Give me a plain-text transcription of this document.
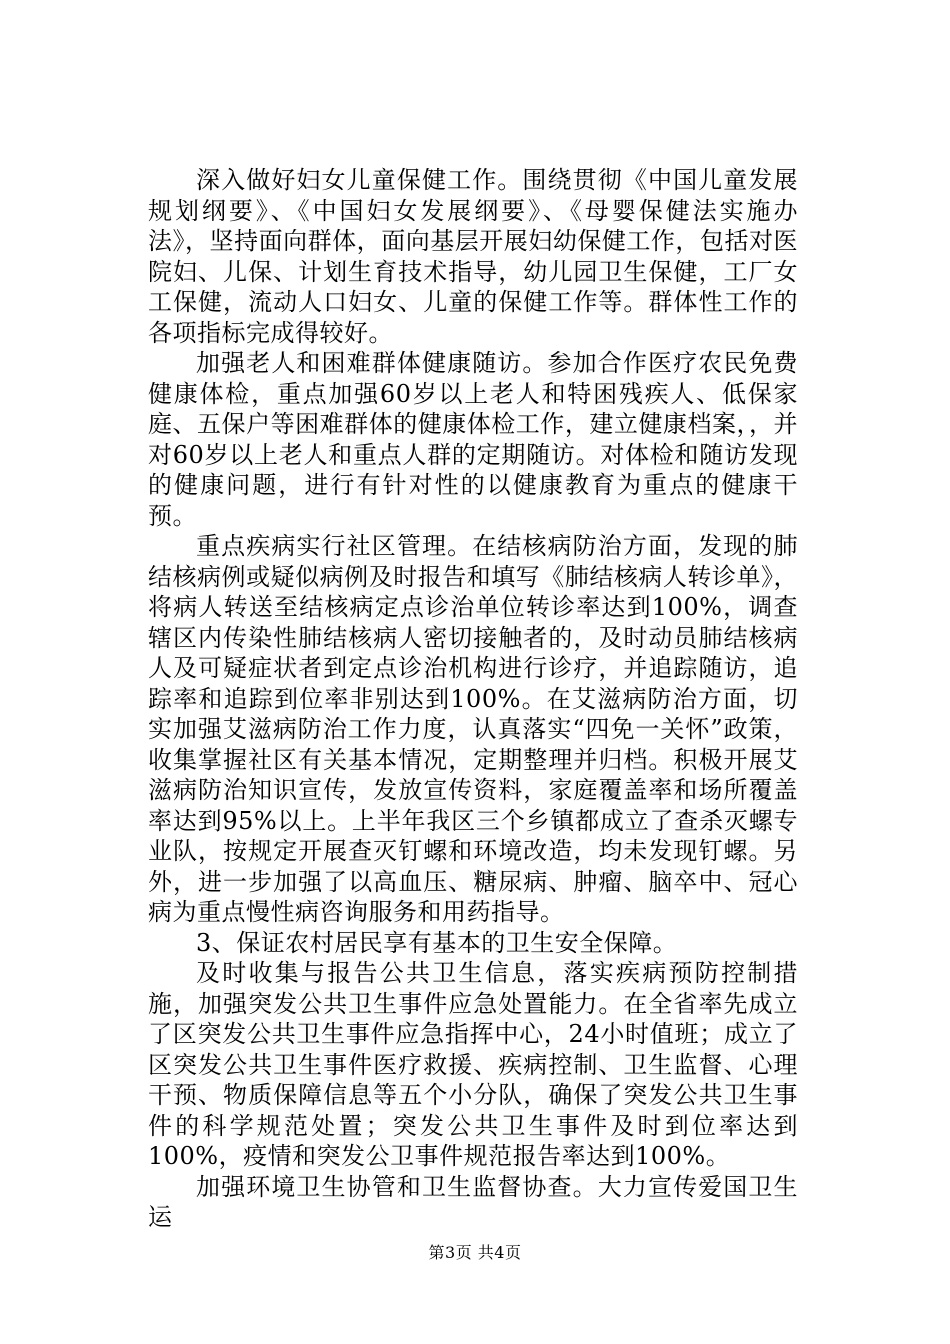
深入做好妇女儿童保健工作。围绕贯彻《中国儿童发展规划纲要》、《中国妇女发展纲要》、《母婴保健法实施办法》，坚持面向群体，面向基层开展妇幼保健工作，包括对医院妇、儿保、计划生育技术指导，幼儿园卫生保健，工厂女工保健，流动人口妇女、儿童的保健工作等。群体性工作的各项指标完成得较好。

加强老人和困难群体健康随访。参加合作医疗农民免费健康体检，重点加强60岁以上老人和特困残疾人、低保家庭、五保户等困难群体的健康体检工作，建立健康档案，，并对60岁以上老人和重点人群的定期随访。对体检和随访发现的健康问题，进行有针对性的以健康教育为重点的健康干预。

重点疾病实行社区管理。在结核病防治方面，发现的肺结核病例或疑似病例及时报告和填写《肺结核病人转诊单》，将病人转送至结核病定点诊治单位转诊率达到100%，调查辖区内传染性肺结核病人密切接触者的，及时动员肺结核病人及可疑症状者到定点诊治机构进行诊疗，并追踪随访，追踪率和追踪到位率非别达到100%。在艾滋病防治方面，切实加强艾滋病防治工作力度，认真落实“四免一关怀”政策，收集掌握社区有关基本情况，定期整理并归档。积极开展艾滋病防治知识宣传，发放宣传资料，家庭覆盖率和场所覆盖率达到95%以上。上半年我区三个乡镇都成立了查杀灭螺专业队，按规定开展查灭钉螺和环境改造，均未发现钉螺。另外，进一步加强了以高血压、糖尿病、肿瘤、脑卒中、冠心病为重点慢性病咨询服务和用药指导。

3、保证农村居民享有基本的卫生安全保障。

及时收集与报告公共卫生信息，落实疾病预防控制措施，加强突发公共卫生事件应急处置能力。在全省率先成立了区突发公共卫生事件应急指挥中心，24小时值班；成立了区突发公共卫生事件医疗救援、疾病控制、卫生监督、心理干预、物质保障信息等五个小分队，确保了突发公共卫生事件的科学规范处置；突发公共卫生事件及时到位率达到100%，疫情和突发公卫事件规范报告率达到100%。

加强环境卫生协管和卫生监督协查。大力宣传爱国卫生运

第3页 共4页
